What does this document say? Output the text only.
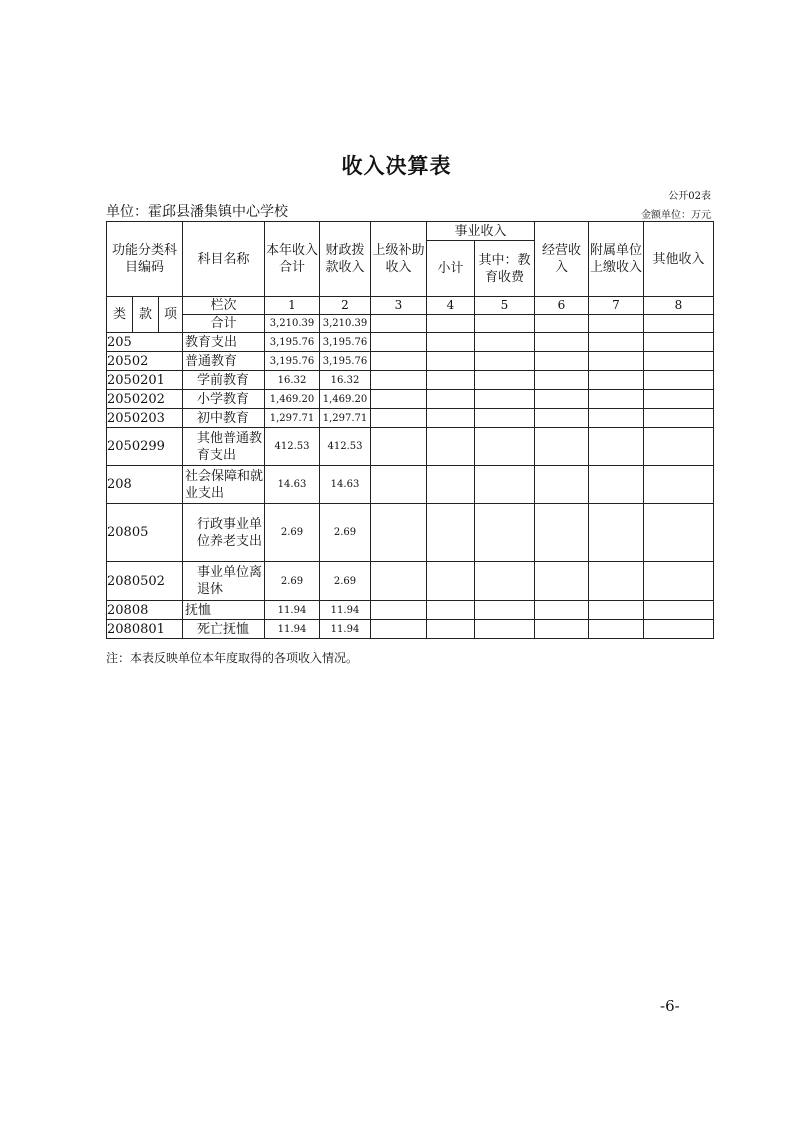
收入决算表
公开02表
单位：霍邱县潘集镇中心学校	金额单位：万元
功能分类科目编码			科目名称	本年收入合计	财政拨款收入	上级补助收入	事业收入		经营收入	附属单位上缴收入	其他收入
							小计	其中：教育收费			
类	款	项	栏次	1	2	3	4	5	6	7	8
			合计	3,210.39	3,210.39						
205			教育支出	3,195.76	3,195.76						
20502			普通教育	3,195.76	3,195.76						
2050201			学前教育	16.32	16.32						
2050202			小学教育	1,469.20	1,469.20						
2050203			初中教育	1,297.71	1,297.71						
2050299			其他普通教育支出	412.53	412.53						
208			社会保障和就业支出	14.63	14.63						
20805			行政事业单位养老支出	2.69	2.69						
2080502			事业单位离退休	2.69	2.69						
20808			抚恤	11.94	11.94						
2080801			死亡抚恤	11.94	11.94						
注：本表反映单位本年度取得的各项收入情况。
-6-
